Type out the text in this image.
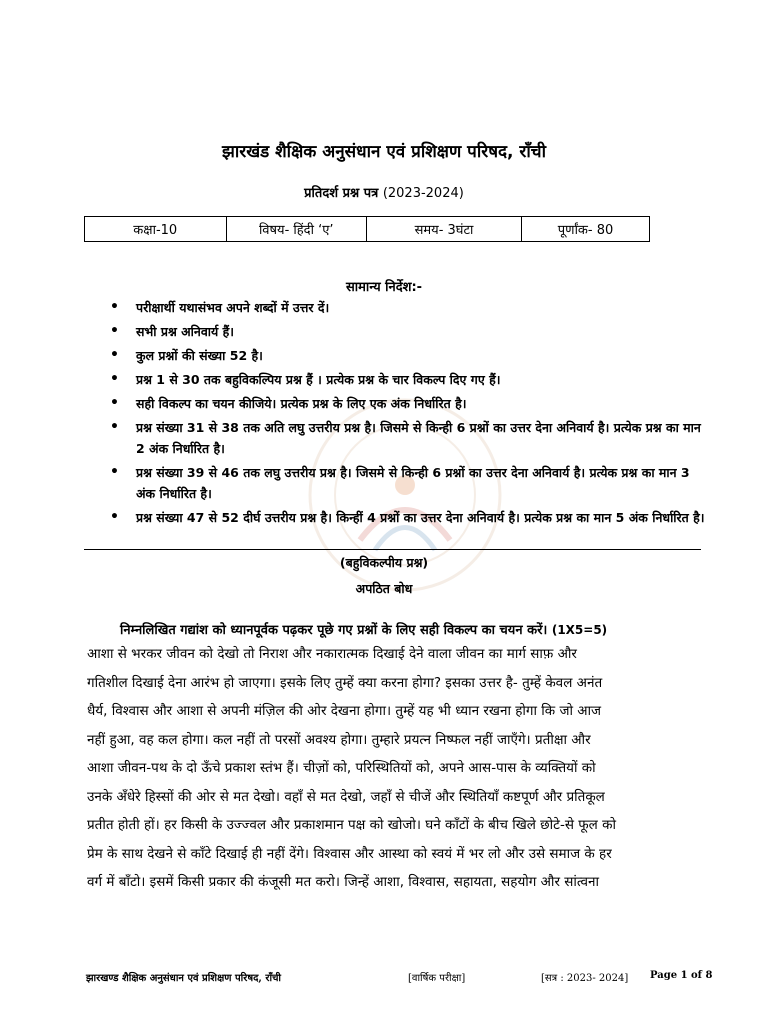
झारखंड शैक्षिक अनुसंधान एवं प्रशिक्षण परिषद, राँची
प्रतिदर्श प्रश्न पत्र (2023-2024)
कक्षा-10	विषय- हिंदी ‘ए’	समय- 3घंटा	पूर्णांक- 80
सामान्य निर्देश:-
• परीक्षार्थी यथासंभव अपने शब्दों में उत्तर दें।
• सभी प्रश्न अनिवार्य हैं।
• कुल प्रश्नों की संख्या 52 है।
• प्रश्न 1 से 30 तक बहुविकल्पिय प्रश्न हैं । प्रत्येक प्रश्न के चार विकल्प दिए गए हैं।
• सही विकल्प का चयन कीजिये। प्रत्येक प्रश्न के लिए एक अंक निर्धारित है।
• प्रश्न संख्या 31 से 38 तक अति लघु उत्तरीय प्रश्न है। जिसमे से किन्ही 6 प्रश्नों का उत्तर देना अनिवार्य है। प्रत्येक प्रश्न का मान 2 अंक निर्धारित है।
• प्रश्न संख्या 39 से 46 तक लघु उत्तरीय प्रश्न है। जिसमे से किन्ही 6 प्रश्नों का उत्तर देना अनिवार्य है। प्रत्येक प्रश्न का मान 3 अंक निर्धारित है।
• प्रश्न संख्या 47 से 52 दीर्घ उत्तरीय प्रश्न है। किन्हीं 4 प्रश्नों का उत्तर देना अनिवार्य है। प्रत्येक प्रश्न का मान 5 अंक निर्धारित है।
(बहुविकल्पीय प्रश्न)
अपठित बोध
निम्नलिखित गद्यांश को ध्यानपूर्वक पढ़कर पूछे गए प्रश्नों के लिए सही विकल्प का चयन करें। (1X5=5)
आशा से भरकर जीवन को देखो तो निराश और नकारात्मक दिखाई देने वाला जीवन का मार्ग साफ़ और
गतिशील दिखाई देना आरंभ हो जाएगा। इसके लिए तुम्हें क्या करना होगा? इसका उत्तर है- तुम्हें केवल अनंत
धैर्य, विश्वास और आशा से अपनी मंज़िल की ओर देखना होगा। तुम्हें यह भी ध्यान रखना होगा कि जो आज
नहीं हुआ, वह कल होगा। कल नहीं तो परसों अवश्य होगा। तुम्हारे प्रयत्न निष्फल नहीं जाएँगे। प्रतीक्षा और
आशा जीवन-पथ के दो ऊँचे प्रकाश स्तंभ हैं। चीज़ों को, परिस्थितियों को, अपने आस-पास के व्यक्तियों को
उनके अँधेरे हिस्सों की ओर से मत देखो। वहाँ से मत देखो, जहाँ से चीजें और स्थितियाँ कष्टपूर्ण और प्रतिकूल
प्रतीत होती हों। हर किसी के उज्ज्वल और प्रकाशमान पक्ष को खोजो। घने काँटों के बीच खिले छोटे-से फूल को
प्रेम के साथ देखने से काँटे दिखाई ही नहीं देंगे। विश्वास और आस्था को स्वयं में भर लो और उसे समाज के हर
वर्ग में बाँटो। इसमें किसी प्रकार की कंजूसी मत करो। जिन्हें आशा, विश्वास, सहायता, सहयोग और सांत्वना
झारखण्ड शैक्षिक अनुसंधान एवं प्रशिक्षण परिषद, राँची	[वार्षिक परीक्षा]	[सत्र : 2023- 2024] Page 1 of 8
